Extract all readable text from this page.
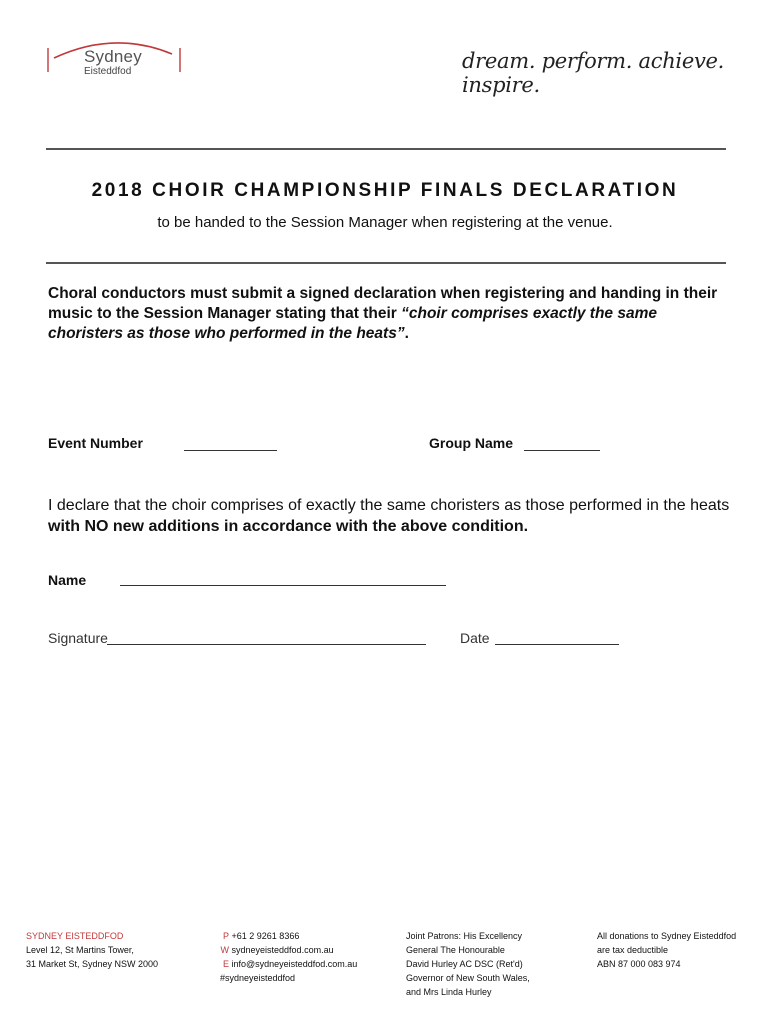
Sydney
Eisteddfod	dream. perform. achieve. inspire.
2018 CHOIR CHAMPIONSHIP FINALS DECLARATION
to be handed to the Session Manager when registering at the venue.
Choral conductors must submit a signed declaration when registering and handing in their music to the Session Manager stating that their “choir comprises exactly the same choristers as those who performed in the heats”.
Event Number	Group Name
I declare that the choir comprises of exactly the same choristers as those performed in the heats with NO new additions in accordance with the above condition.
Name
Signature	Date
SYDNEY EISTEDDFOD
Level 12, St Martins Tower,
31 Market St, Sydney NSW 2000
P +61 2 9261 8366
W sydneyeisteddfod.com.au
E info@sydneyeisteddfod.com.au
#sydneyeisteddfod
Joint Patrons: His Excellency
General The Honourable
David Hurley AC DSC (Ret'd)
Governor of New South Wales,
and Mrs Linda Hurley
All donations to Sydney Eisteddfod
are tax deductible
ABN 87 000 083 974
